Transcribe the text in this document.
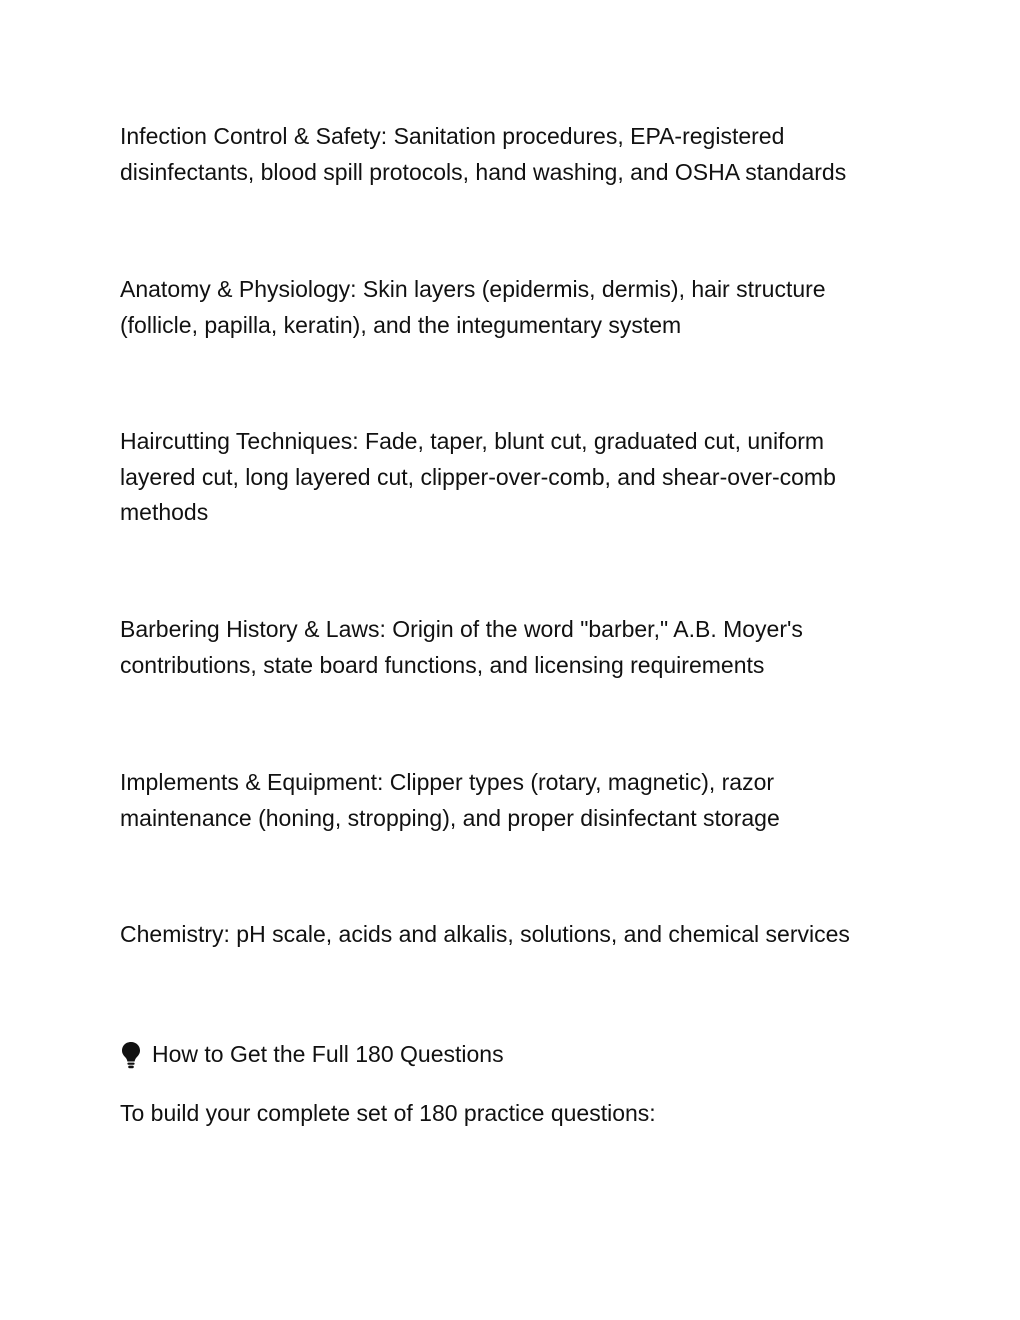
Infection Control & Safety: Sanitation procedures, EPA-registered disinfectants, blood spill protocols, hand washing, and OSHA standards

Anatomy & Physiology: Skin layers (epidermis, dermis), hair structure (follicle, papilla, keratin), and the integumentary system

Haircutting Techniques: Fade, taper, blunt cut, graduated cut, uniform layered cut, long layered cut, clipper-over-comb, and shear-over-comb methods

Barbering History & Laws: Origin of the word "barber," A.B. Moyer's contributions, state board functions, and licensing requirements

Implements & Equipment: Clipper types (rotary, magnetic), razor maintenance (honing, stropping), and proper disinfectant storage

Chemistry: pH scale, acids and alkalis, solutions, and chemical services

How to Get the Full 180 Questions

To build your complete set of 180 practice questions:
